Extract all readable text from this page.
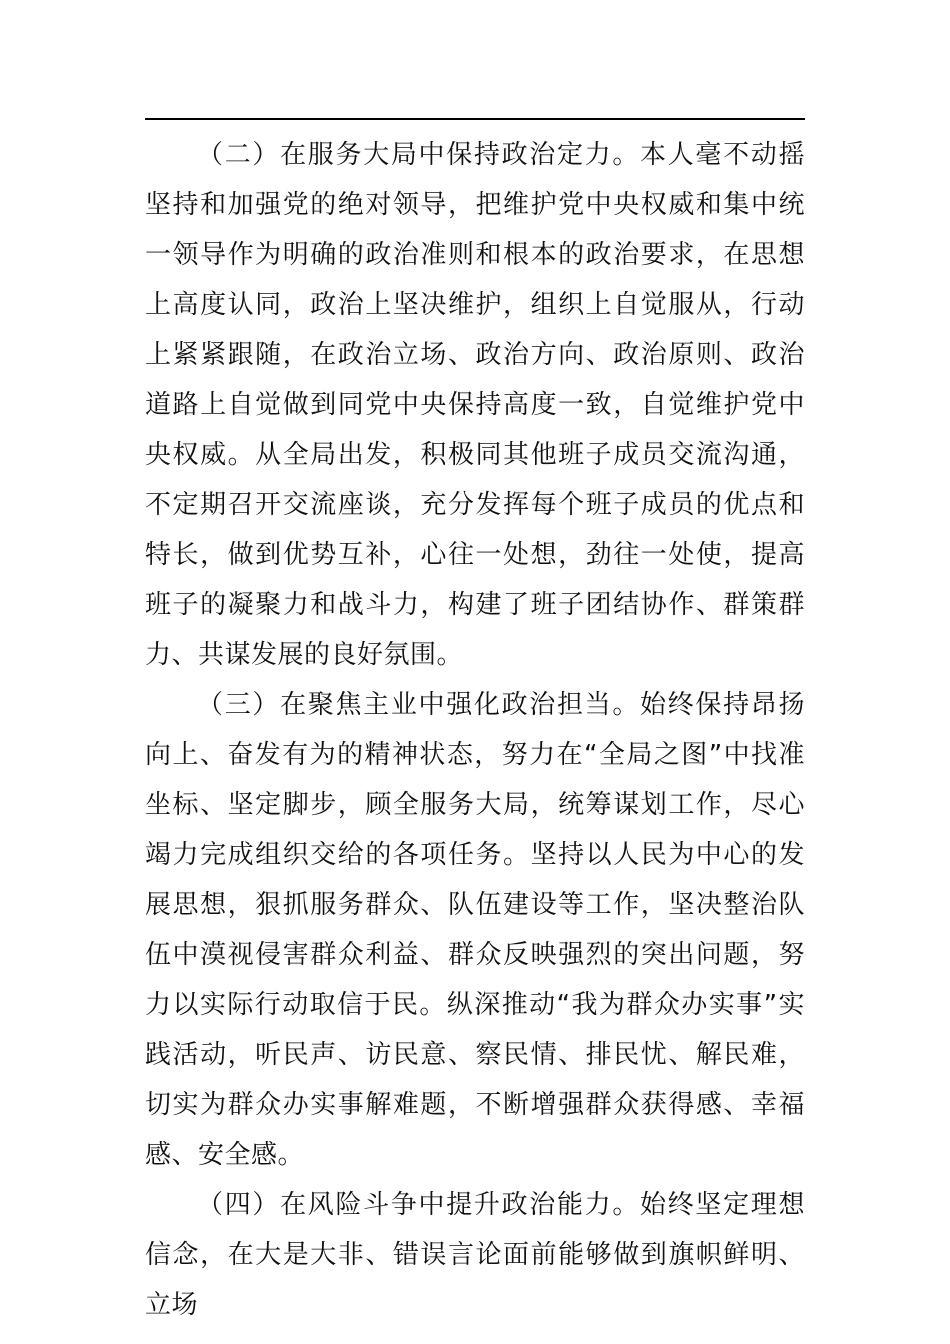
（二）在服务大局中保持政治定力。本人毫不动摇坚持和加强党的绝对领导，把维护党中央权威和集中统一领导作为明确的政治准则和根本的政治要求，在思想上高度认同，政治上坚决维护，组织上自觉服从，行动上紧紧跟随，在政治立场、政治方向、政治原则、政治道路上自觉做到同党中央保持高度一致，自觉维护党中央权威。从全局出发，积极同其他班子成员交流沟通，不定期召开交流座谈，充分发挥每个班子成员的优点和特长，做到优势互补，心往一处想，劲往一处使，提高班子的凝聚力和战斗力，构建了班子团结协作、群策群力、共谋发展的良好氛围。

（三）在聚焦主业中强化政治担当。始终保持昂扬向上、奋发有为的精神状态，努力在“全局之图”中找准坐标、坚定脚步，顾全服务大局，统筹谋划工作，尽心竭力完成组织交给的各项任务。坚持以人民为中心的发展思想，狠抓服务群众、队伍建设等工作，坚决整治队伍中漠视侵害群众利益、群众反映强烈的突出问题，努力以实际行动取信于民。纵深推动“我为群众办实事”实践活动，听民声、访民意、察民情、排民忧、解民难，切实为群众办实事解难题，不断增强群众获得感、幸福感、安全感。

（四）在风险斗争中提升政治能力。始终坚定理想信念，在大是大非、错误言论面前能够做到旗帜鲜明、立场
